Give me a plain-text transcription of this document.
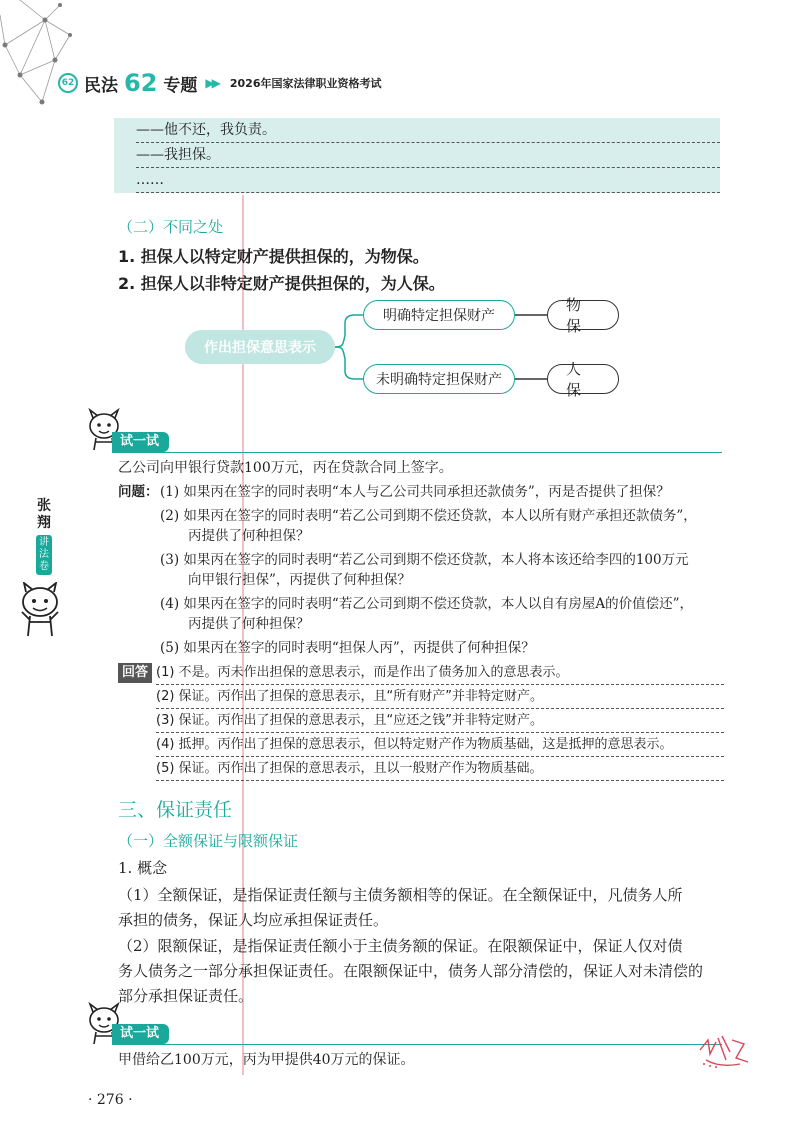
62 民法 62 专题 ▶▶ 2026年国家法律职业资格考试
——他不还，我负责。
——我担保。
……
（二）不同之处
1. 担保人以特定财产提供担保的，为物保。
2. 担保人以非特定财产提供担保的，为人保。
作出担保意思表示
明确特定担保财产
未明确特定担保财产
物保
人保
试一试
乙公司向甲银行贷款100万元，丙在贷款合同上签字。
问题： (1) 如果丙在签字的同时表明“本人与乙公司共同承担还款债务”，丙是否提供了担保？
(2) 如果丙在签字的同时表明“若乙公司到期不偿还贷款，本人以所有财产承担还款债务”，
丙提供了何种担保？
(3) 如果丙在签字的同时表明“若乙公司到期不偿还贷款，本人将本该还给李四的100万元
向甲银行担保”，丙提供了何种担保？
(4) 如果丙在签字的同时表明“若乙公司到期不偿还贷款，本人以自有房屋A的价值偿还”，
丙提供了何种担保？
(5) 如果丙在签字的同时表明“担保人丙”，丙提供了何种担保？
回答 (1) 不是。丙未作出担保的意思表示，而是作出了债务加入的意思表示。
(2) 保证。丙作出了担保的意思表示，且“所有财产”并非特定财产。
(3) 保证。丙作出了担保的意思表示，且“应还之钱”并非特定财产。
(4) 抵押。丙作出了担保的意思表示，但以特定财产作为物质基础，这是抵押的意思表示。
(5) 保证。丙作出了担保的意思表示，且以一般财产作为物质基础。
张
翔
讲
法
卷
三、保证责任
（一）全额保证与限额保证
1. 概念
（1）全额保证，是指保证责任额与主债务额相等的保证。在全额保证中，凡债务人所
承担的债务，保证人均应承担保证责任。
（2）限额保证，是指保证责任额小于主债务额的保证。在限额保证中，保证人仅对债
务人债务之一部分承担保证责任。在限额保证中，债务人部分清偿的，保证人对未清偿的
部分承担保证责任。
试一试
甲借给乙100万元，丙为甲提供40万元的保证。
· 276 ·
